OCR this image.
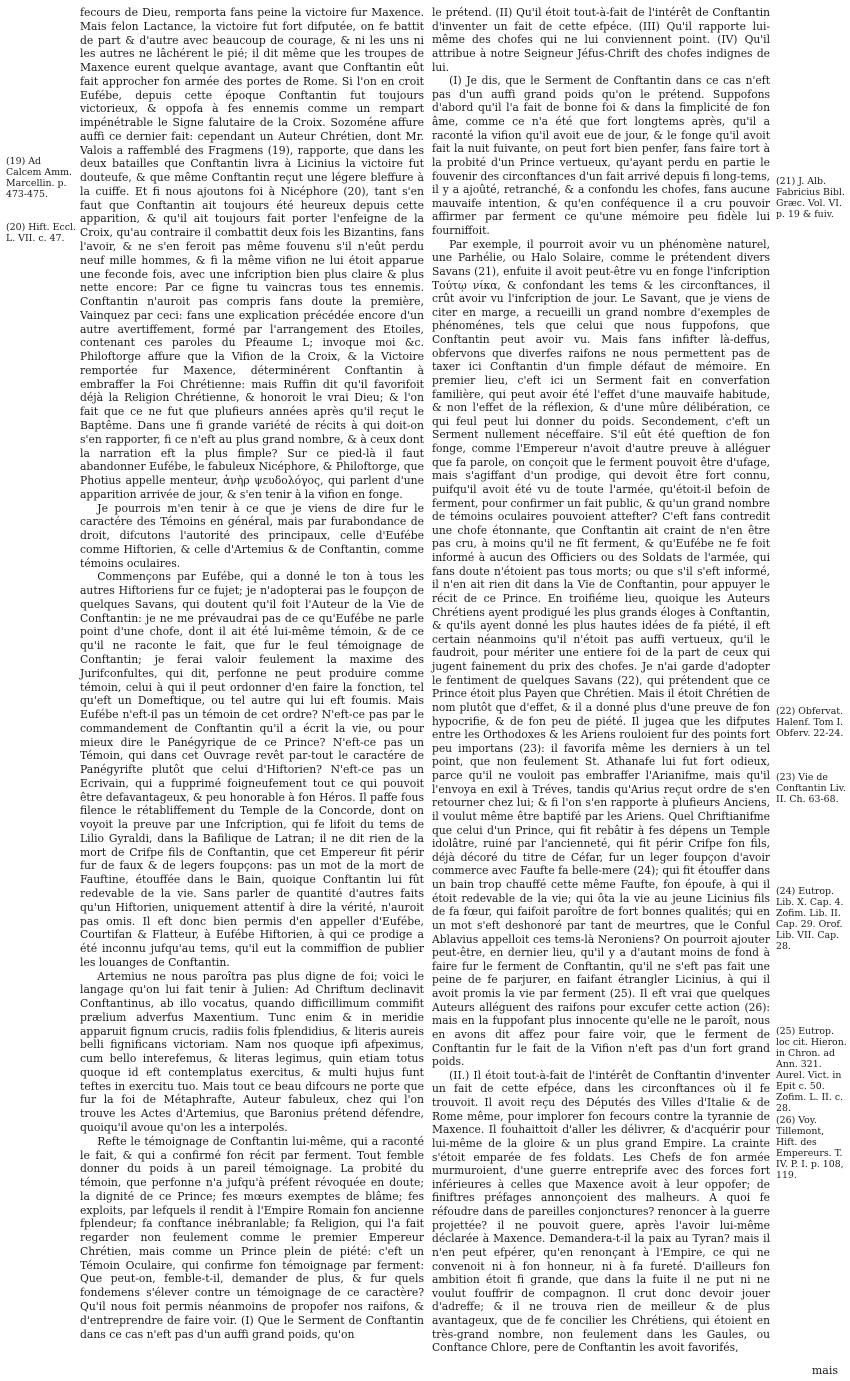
(19) Ad Calcem Amm. Marcellin. p. 473-475.
(20) Hift. Eccl. L. VII. c. 47.

fecours de Dieu, remporta fans peine la victoire fur Maxence. Mais felon Lactance, la victoire fut fort difputée, on fe battit de part & d'autre avec beaucoup de courage, & ni les uns ni les autres ne lâchérent le pié; il dit même que les troupes de Maxence eurent quelque avantage, avant que Conftantin eût fait approcher fon armée des portes de Rome. Si l'on en croit Eufébe, depuis cette époque Conftantin fut toujours victorieux, & oppofa à fes ennemis comme un rempart impénétrable le Signe falutaire de la Croix. Sozoméne affure auffi ce dernier fait: cependant un Auteur Chrétien, dont Mr. Valois a raffemblé des Fragmens (19), rapporte, que dans les deux batailles que Conftantin livra à Licinius la victoire fut douteufe, & que même Conftantin reçut une légere bleffure à la cuiffe. Et fi nous ajoutons foi à Nicéphore (20), tant s'en faut que Conftantin ait toujours été heureux depuis cette apparition, & qu'il ait toujours fait porter l'enfeigne de la Croix, qu'au contraire il combattit deux fois les Bizantins, fans l'avoir, & ne s'en feroit pas même fouvenu s'il n'eût perdu neuf mille hommes, & fi la même vifion ne lui étoit apparue une feconde fois, avec une infcription bien plus claire & plus nette encore: Par ce figne tu vaincras tous tes ennemis. Conftantin n'auroit pas compris fans doute la première, Vainquez par ceci: fans une explication précédée encore d'un autre avertiffement, formé par l'arrangement des Etoiles, contenant ces paroles du Pfeaume L; invoque moi &c. Philoftorge affure que la Vifion de la Croix, & la Victoire remportée fur Maxence, déterminérent Conftantin à embraffer la Foi Chrétienne: mais Ruffin dit qu'il favorifoit déjà la Religion Chrétienne, & honoroit le vrai Dieu; & l'on fait que ce ne fut que plufieurs années après qu'il reçut le Baptême. Dans une fi grande variété de récits à qui doit-on s'en rapporter, fi ce n'eft au plus grand nombre, & à ceux dont la narration eft la plus fimple? Sur ce pied-là il faut abandonner Eufébe, le fabuleux Nicéphore, & Philoftorge, que Photius appelle menteur, ἀνὴρ ψευδολόγος, qui parlent d'une apparition arrivée de jour, & s'en tenir à la vifion en fonge.

Je pourrois m'en tenir à ce que je viens de dire fur le caractére des Témoins en général, mais par furabondance de droit, difcutons l'autorité des principaux, celle d'Eufébe comme Hiftorien, & celle d'Artemius & de Conftantin, comme témoins oculaires.

Commençons par Eufébe, qui a donné le ton à tous les autres Hiftoriens fur ce fujet; je n'adopterai pas le foupçon de quelques Savans, qui doutent qu'il foit l'Auteur de la Vie de Conftantin: je ne me prévaudrai pas de ce qu'Eufébe ne parle point d'une chofe, dont il ait été lui-même témoin, & de ce qu'il ne raconte le fait, que fur le feul témoignage de Conftantin; je ferai valoir feulement la maxime des Jurifconfultes, qui dit, perfonne ne peut produire comme témoin, celui à qui il peut ordonner d'en faire la fonction, tel qu'eft un Domeftique, ou tel autre qui lui eft foumis. Mais Eufébe n'eft-il pas un témoin de cet ordre? N'eft-ce pas par le commandement de Conftantin qu'il a écrit la vie, ou pour mieux dire le Panégyrique de ce Prince? N'eft-ce pas un Témoin, qui dans cet Ouvrage revêt par-tout le caractére de Panégyrifte plutôt que celui d'Hiftorien? N'eft-ce pas un Ecrivain, qui a fupprimé foigneufement tout ce qui pouvoit être defavantageux, & peu honorable à fon Héros. Il paffe fous filence le rétabliffement du Temple de la Concorde, dont on voyoit la preuve par une Infcription, qui fe lifoit du tems de Lilio Gyraldi, dans la Bafilique de Latran; il ne dit rien de la mort de Crifpe fils de Conftantin, que cet Empereur fit périr fur de faux & de legers foupçons: pas un mot de la mort de Fauftine, étouffée dans le Bain, quoique Conftantin lui fût redevable de la vie. Sans parler de quantité d'autres faits qu'un Hiftorien, uniquement attentif à dire la vérité, n'auroit pas omis. Il eft donc bien permis d'en appeller d'Eufébe, Courtifan & Flatteur, à Eufébe Hiftorien, à qui ce prodige a été inconnu jufqu'au tems, qu'il eut la commiffion de publier les louanges de Conftantin.

Artemius ne nous paroîtra pas plus digne de foi; voici le langage qu'on lui fait tenir à Julien: Ad Chriftum declinavit Conftantinus, ab illo vocatus, quando difficillimum commifit prælium adverfus Maxentium. Tunc enim & in meridie apparuit fignum crucis, radiis folis fplendidius, & literis aureis belli fignificans victoriam. Nam nos quoque ipfi afpeximus, cum bello interefemus, & literas legimus, quin etiam totus quoque id eft contemplatus exercitus, & multi hujus funt teftes in exercitu tuo. Mais tout ce beau difcours ne porte que fur la foi de Métaphrafte, Auteur fabuleux, chez qui l'on trouve les Actes d'Artemius, que Baronius prétend défendre, quoiqu'il avoue qu'on les a interpolés.

Refte le témoignage de Conftantin lui-même, qui a raconté le fait, & qui a confirmé fon récit par ferment. Tout femble donner du poids à un pareil témoignage. La probité du témoin, que perfonne n'a jufqu'à préfent révoquée en doute; la dignité de ce Prince; fes mœurs exemptes de blâme; fes exploits, par lefquels il rendit à l'Empire Romain fon ancienne fplendeur; fa conftance inébranlable; fa Religion, qui l'a fait regarder non feulement comme le premier Empereur Chrétien, mais comme un Prince plein de piété: c'eft un Témoin Oculaire, qui confirme fon témoignage par ferment: Que peut-on, femble-t-il, demander de plus, & fur quels fondemens s'élever contre un témoignage de ce caractère? Qu'il nous foit permis néanmoins de propofer nos raifons, & d'entreprendre de faire voir. (I) Que le Serment de Conftantin dans ce cas n'eft pas d'un auffi grand poids, qu'on

le prétend. (II) Qu'il étoit tout-à-fait de l'intérêt de Conftantin d'inventer un fait de cette efpéce. (III) Qu'il rapporte lui-même des chofes qui ne lui conviennent point. (IV) Qu'il attribue à notre Seigneur Jéfus-Chrift des chofes indignes de lui.

(I) Je dis, que le Serment de Conftantin dans ce cas n'eft pas d'un auffi grand poids qu'on le prétend. Suppofons d'abord qu'il l'a fait de bonne foi & dans la fimplicité de fon âme, comme ce n'a été que fort longtems après, qu'il a raconté la vifion qu'il avoit eue de jour, & le fonge qu'il avoit fait la nuit fuivante, on peut fort bien penfer, fans faire tort à la probité d'un Prince vertueux, qu'ayant perdu en partie le fouvenir des circonftances d'un fait arrivé depuis fi long-tems, il y a ajoûté, retranché, & a confondu les chofes, fans aucune mauvaife intention, & qu'en conféquence il a cru pouvoir affirmer par ferment ce qu'une mémoire peu fidèle lui fourniffoit.

Par exemple, il pourroit avoir vu un phénomène naturel, une Parhélie, ou Halo Solaire, comme le prétendent divers Savans (21), enfuite il avoit peut-être vu en fonge l'infcription Τούτῳ νίκα, & confondant les tems & les circonftances, il crût avoir vu l'infcription de jour. Le Savant, que je viens de citer en marge, a recueilli un grand nombre d'exemples de phénoménes, tels que celui que nous fuppofons, que Conftantin peut avoir vu. Mais fans infifter là-deffus, obfervons que diverfes raifons ne nous permettent pas de taxer ici Conftantin d'un fimple défaut de mémoire. En premier lieu, c'eft ici un Serment fait en converfation familière, qui peut avoir été l'effet d'une mauvaife habitude, & non l'effet de la réflexion, & d'une mûre délibération, ce qui feul peut lui donner du poids. Secondement, c'eft un Serment nullement néceffaire. S'il eût été queftion de fon fonge, comme l'Empereur n'avoit d'autre preuve à alléguer que fa parole, on conçoit que le ferment pouvoit être d'ufage, mais s'agiffant d'un prodige, qui devoit être fort connu, puifqu'il avoit été vu de toute l'armée, qu'étoit-il befoin de ferment, pour confirmer un fait public, & qu'un grand nombre de témoins oculaires pouvoient attefter? C'eft fans contredit une chofe étonnante, que Conftantin ait craint de n'en être pas cru, à moins qu'il ne fît ferment, & qu'Eufébe ne fe foit informé à aucun des Officiers ou des Soldats de l'armée, qui fans doute n'étoient pas tous morts; ou que s'il s'eft informé, il n'en ait rien dit dans la Vie de Conftantin, pour appuyer le récit de ce Prince. En troifiéme lieu, quoique les Auteurs Chrétiens ayent prodigué les plus grands éloges à Conftantin, & qu'ils ayent donné les plus hautes idées de fa piété, il eft certain néanmoins qu'il n'étoit pas auffi vertueux, qu'il le faudroit, pour mériter une entiere foi de la part de ceux qui jugent fainement du prix des chofes. Je n'ai garde d'adopter le fentiment de quelques Savans (22), qui prétendent que ce Prince étoit plus Payen que Chrétien. Mais il étoit Chrétien de nom plutôt que d'effet, & il a donné plus d'une preuve de fon hypocrifie, & de fon peu de piété. Il jugea que les difputes entre les Orthodoxes & les Ariens rouloient fur des points fort peu importans (23): il favorifa même les derniers à un tel point, que non feulement St. Athanafe lui fut fort odieux, parce qu'il ne vouloit pas embraffer l'Arianifme, mais qu'il l'envoya en exil à Tréves, tandis qu'Arius reçut ordre de s'en retourner chez lui; & fi l'on s'en rapporte à plufieurs Anciens, il voulut même être baptifé par les Ariens. Quel Chriftianifme que celui d'un Prince, qui fit rebâtir à fes dépens un Temple idolâtre, ruiné par l'ancienneté, qui fit périr Crifpe fon fils, déjà décoré du titre de Céfar, fur un leger foupçon d'avoir commerce avec Faufte fa belle-mere (24); qui fit étouffer dans un bain trop chauffé cette même Faufte, fon époufe, à qui il étoit redevable de la vie; qui ôta la vie au jeune Licinius fils de fa fœur, qui faifoit paroître de fort bonnes qualités; qui en un mot s'eft deshonoré par tant de meurtres, que le Conful Ablavius appelloit ces tems-là Neroniens? On pourroit ajouter peut-être, en dernier lieu, qu'il y a d'autant moins de fond à faire fur le ferment de Conftantin, qu'il ne s'eft pas fait une peine de fe parjurer, en faifant étrangler Licinius, à qui il avoit promis la vie par ferment (25). Il eft vrai que quelques Auteurs alléguent des raifons pour excufer cette action (26): mais en la fuppofant plus innocente qu'elle ne le paroît, nous en avons dit affez pour faire voir, que le ferment de Conftantin fur le fait de la Vifion n'eft pas d'un fort grand poids.

(II.) Il étoit tout-à-fait de l'intérêt de Conftantin d'inventer un fait de cette efpéce, dans les circonftances où il fe trouvoit. Il avoit reçu des Députés des Villes d'Italie & de Rome même, pour implorer fon fecours contre la tyrannie de Maxence. Il fouhaittoit d'aller les délivrer, & d'acquérir pour lui-même de la gloire & un plus grand Empire. La crainte s'étoit emparée de fes foldats. Les Chefs de fon armée murmuroient, d'une guerre entreprife avec des forces fort inférieures à celles que Maxence avoit à leur oppofer; de finiftres préfages annonçoient des malheurs. A quoi fe réfoudre dans de pareilles conjonctures? renoncer à la guerre projettée? il ne pouvoit guere, après l'avoir lui-même déclarée à Maxence. Demandera-t-il la paix au Tyran? mais il n'en peut efpérer, qu'en renonçant à l'Empire, ce qui ne convenoit ni à fon honneur, ni à fa fureté. D'ailleurs fon ambition étoit fi grande, que dans la fuite il ne put ni ne voulut fouffrir de compagnon. Il crut donc devoir jouer d'adreffe; & il ne trouva rien de meilleur & de plus avantageux, que de fe concilier les Chrétiens, qui étoient en très-grand nombre, non feulement dans les Gaules, ou Conftance Chlore, pere de Conftantin les avoit favorifés,

(21) J. Alb. Fabricius Bibl. Græc. Vol. VI. p. 19 & fuiv.
(22) Obfervat. Halenf. Tom I. Obferv. 22-24.
(23) Vie de Conftantin Liv. II. Ch. 63-68.
(24) Eutrop. Lib. X. Cap. 4. Zofim. Lib. II. Cap. 29. Orof. Lib. VII. Cap. 28.
(25) Eutrop. loc cit. Hieron. in Chron. ad Ann. 321. Aurel. Vict. in Epit c. 50. Zofim. L. II. c. 28.
(26) Voy. Tillemont, Hift. des Empereurs. T. IV. P. I. p. 108, 119.
mais
